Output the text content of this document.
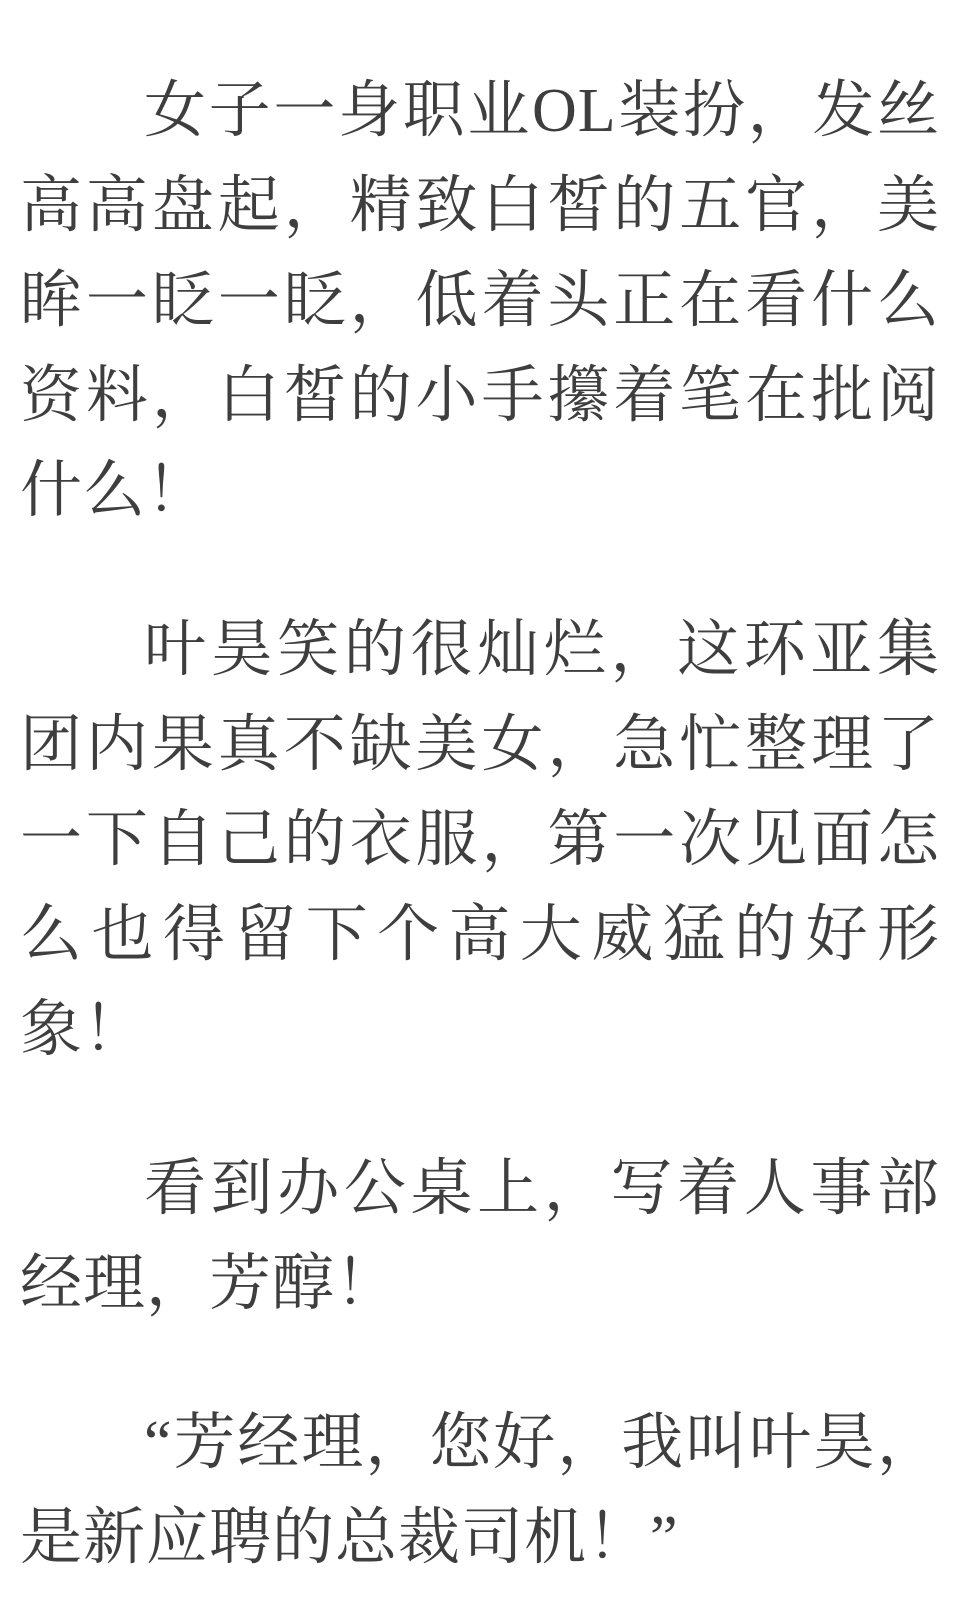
女子一身职业OL装扮，发丝高高盘起，精致白皙的五官，美眸一眨一眨，低着头正在看什么资料，白皙的小手攥着笔在批阅什么！

叶昊笑的很灿烂，这环亚集团内果真不缺美女，急忙整理了一下自己的衣服，第一次见面怎么也得留下个高大威猛的好形象！

看到办公桌上，写着人事部经理，芳醇！

“芳经理，您好，我叫叶昊，是新应聘的总裁司机！”
